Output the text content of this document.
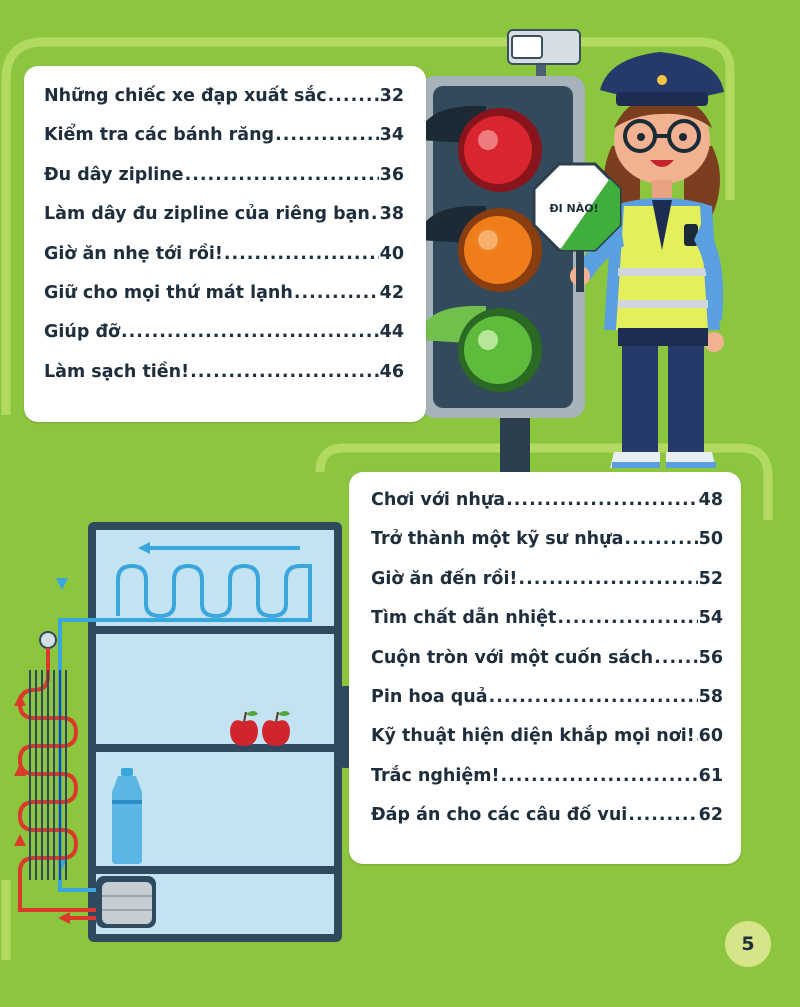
ĐI NÀO!
Những chiếc xe đạp xuất sắc .....	32
Kiểm tra các bánh răng .....	34
Đu dây zipline .....	36
Làm dây đu zipline của riêng bạn ..... 38
Giờ ăn nhẹ tới rồi! .....	40
Giữ cho mọi thứ mát lạnh .....	42
Giúp đỡ .....	44
Làm sạch tiền! .....	46
Chơi với nhựa .....	48
Trở thành một kỹ sư nhựa .....	50
Giờ ăn đến rồi! .....	52
Tìm chất dẫn nhiệt .....	54
Cuộn tròn với một cuốn sách .....	56
Pin hoa quả .....	58
Kỹ thuật hiện diện khắp mọi nơi! ..... 60
Trắc nghiệm! .....	61
Đáp án cho các câu đố vui .....	62
5
